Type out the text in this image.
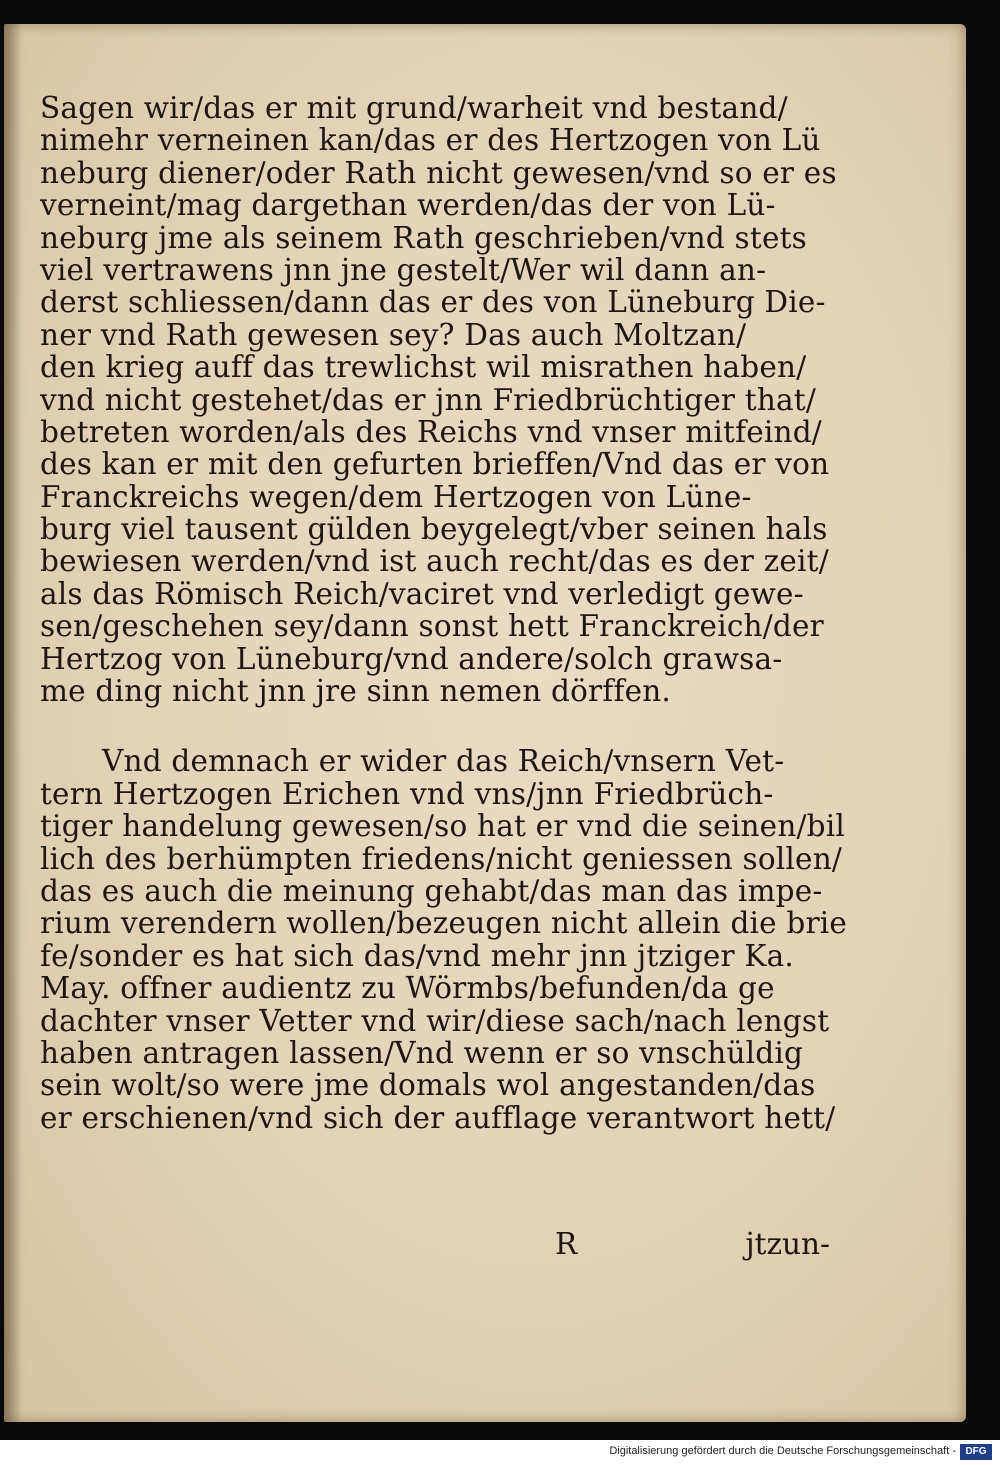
Sagen wir/das er mit grund/warheit vnd bestand/
nimehr verneinen kan/das er des Hertzogen von Lü
neburg diener/oder Rath nicht gewesen/vnd so er es
verneint/mag dargethan werden/das der von Lü-
neburg jme als seinem Rath geschrieben/vnd stets
viel vertrawens jnn jne gestelt/Wer wil dann an-
derst schliessen/dann das er des von Lüneburg Die-
ner vnd Rath gewesen sey? Das auch Moltzan/
den krieg auff das trewlichst wil misrathen haben/
vnd nicht gestehet/das er jnn Friedbrüchtiger that/
betreten worden/als des Reichs vnd vnser mitfeind/
des kan er mit den gefurten brieffen/Vnd das er von
Franckreichs wegen/dem Hertzogen von Lüne-
burg viel tausent gülden beygelegt/vber seinen hals
bewiesen werden/vnd ist auch recht/das es der zeit/
als das Römisch Reich/vaciret vnd verledigt gewe-
sen/geschehen sey/dann sonst hett Franckreich/der
Hertzog von Lüneburg/vnd andere/solch grawsa-
me ding nicht jnn jre sinn nemen dörffen.
Vnd demnach er wider das Reich/vnsern Vet-
tern Hertzogen Erichen vnd vns/jnn Friedbrüch-
tiger handelung gewesen/so hat er vnd die seinen/bil
lich des berhümpten friedens/nicht geniessen sollen/
das es auch die meinung gehabt/das man das impe-
rium verendern wollen/bezeugen nicht allein die brie
fe/sonder es hat sich das/vnd mehr jnn jtziger Ka.
May. offner audientz zu Wörmbs/befunden/da ge
dachter vnser Vetter vnd wir/diese sach/nach lengst
haben antragen lassen/Vnd wenn er so vnschüldig
sein wolt/so were jme domals wol angestanden/das
er erschienen/vnd sich der aufflage verantwort hett/
R	jtzun-
Digitalisierung gefördert durch die Deutsche Forschungsgemeinschaft - DFG
